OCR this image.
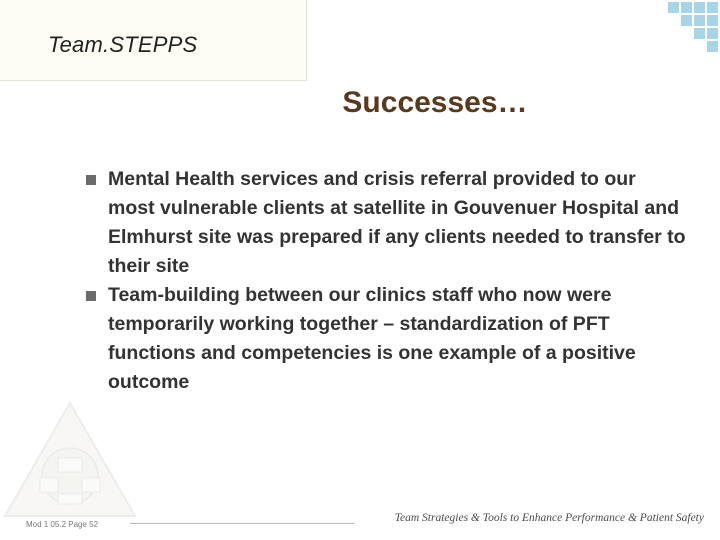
Team.STEPPS
Successes…
Mental Health services and crisis referral provided to our most vulnerable clients at satellite in Gouvenuer Hospital and Elmhurst site was prepared if any clients needed to transfer to their site
Team-building between our clinics staff who now were temporarily working together – standardization of PFT functions and competencies is one example of a positive outcome
Mod 1 05.2 Page 52
Team Strategies & Tools to Enhance Performance & Patient Safety
